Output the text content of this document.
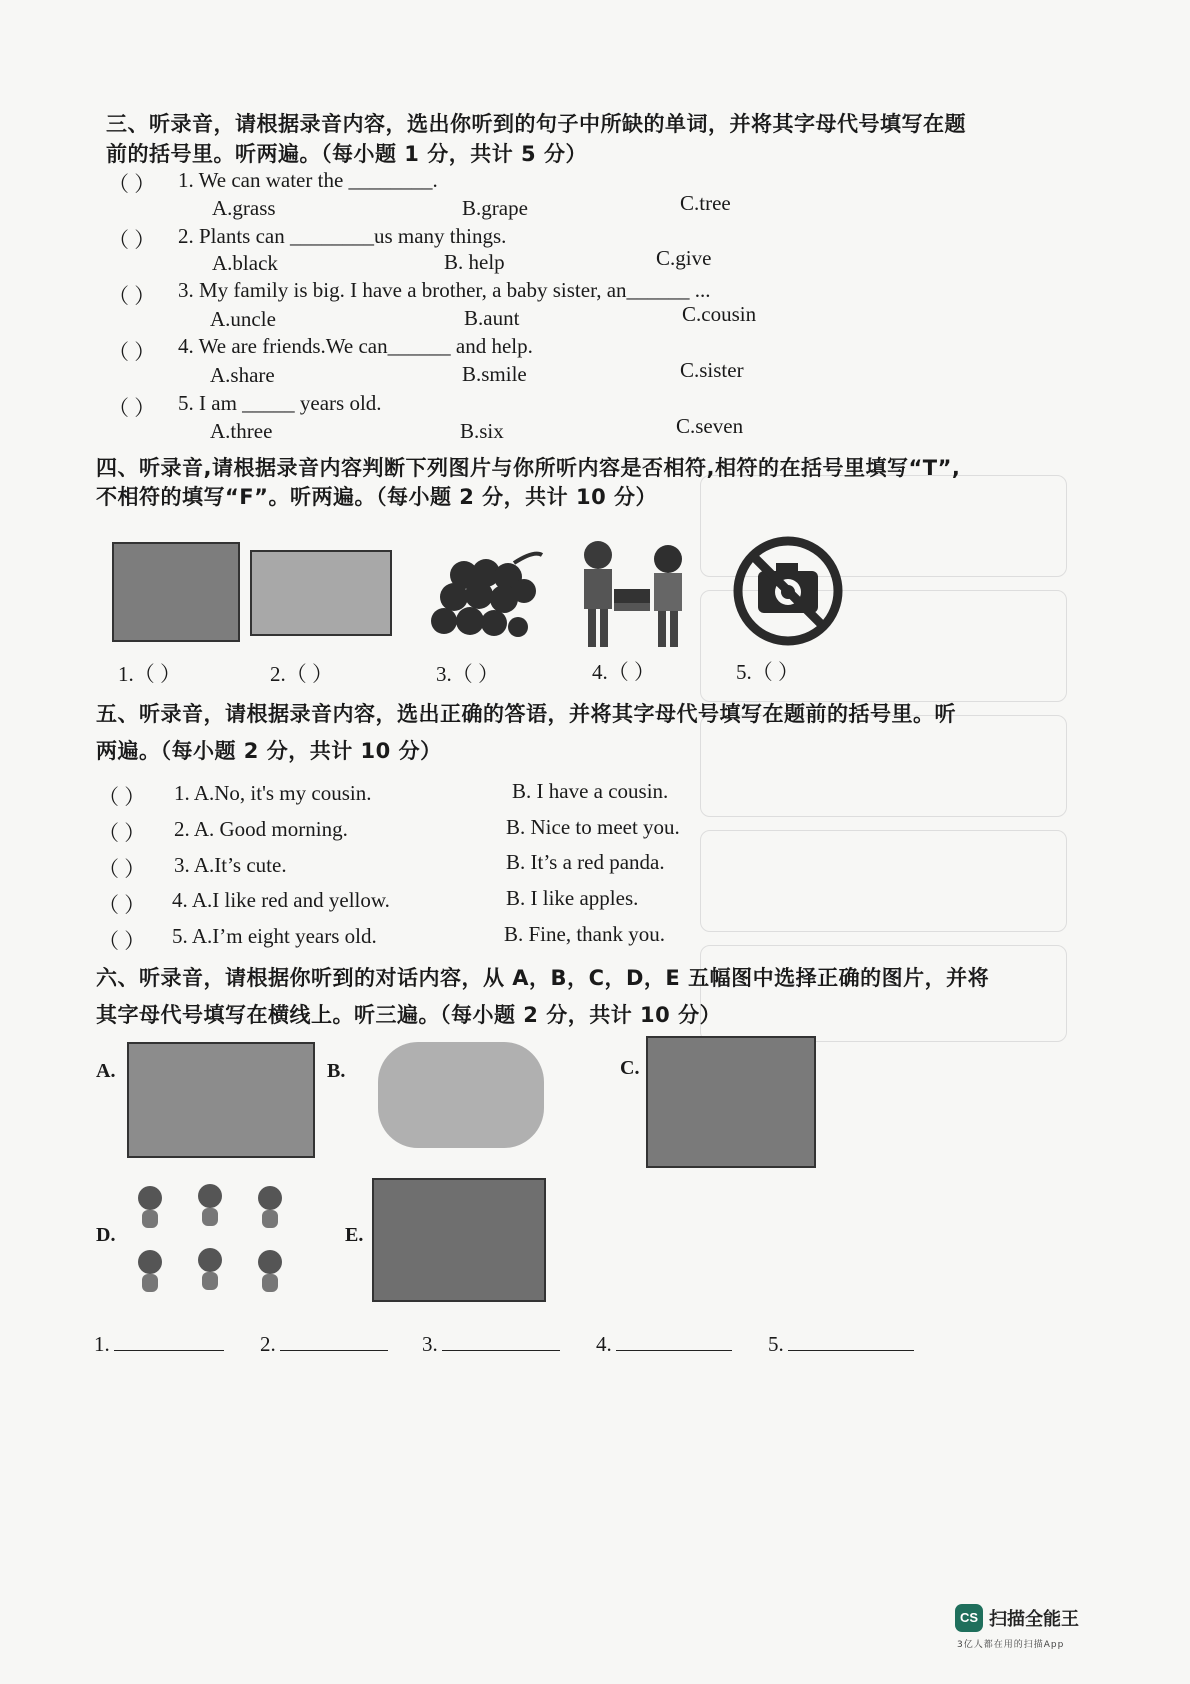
三、听录音，请根据录音内容，选出你听到的句子中所缺的单词，并将其字母代号填写在题
前的括号里。听两遍。（每小题 1 分，共计 5 分）
（ ） 1. We can water the ________.
A.grass	B.grape	C.tree
（ ） 2. Plants can ________us many things.
A.black	B. help	C.give
（ ） 3. My family is big. I have a brother, a baby sister, an______ ...
A.uncle	B.aunt	C.cousin
（ ） 4. We are friends.We can______ and help.
A.share	B.smile	C.sister
（ ） 5. I am _____ years old.
A.three	B.six	C.seven
四、听录音,请根据录音内容判断下列图片与你所听内容是否相符,相符的在括号里填写“T”,
不相符的填写“F”。听两遍。（每小题 2 分，共计 10 分）
1.（ ）	2.（ ）	3.（ ）	4.（ ）	5.（ ）
五、听录音，请根据录音内容，选出正确的答语，并将其字母代号填写在题前的括号里。听
两遍。（每小题 2 分，共计 10 分）
（ ） 1. A.No, it's my cousin.	B. I have a cousin.
（ ） 2. A. Good morning.	B. Nice to meet you.
（ ） 3. A.It’s cute.	B. It’s a red panda.
（ ） 4. A.I like red and yellow.	B. I like apples.
（ ） 5. A.I’m eight years old.	B. Fine, thank you.
六、听录音，请根据你听到的对话内容，从 A，B，C，D，E 五幅图中选择正确的图片，并将
其字母代号填写在横线上。听三遍。（每小题 2 分，共计 10 分）
A.	B.	C.
D.	E.
1.	2.	3.	4.	5.
CS 扫描全能王
3亿人都在用的扫描App
